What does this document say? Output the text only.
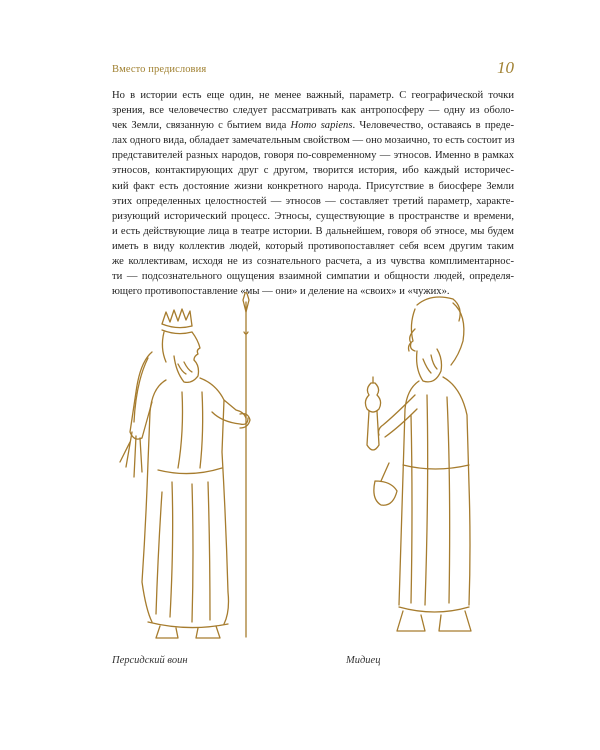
Вместо предисловия	10
Но в истории есть еще один, не менее важный, параметр. С географической точки
зрения, все человечество следует рассматривать как антропосферу — одну из оболо-
чек Земли, связанную с бытием вида Homo sapiens. Человечество, оставаясь в преде-
лах одного вида, обладает замечательным свойством — оно мозаично, то есть состоит из
представителей разных народов, говоря по-современному — этносов. Именно в рамках
этносов, контактирующих друг с другом, творится история, ибо каждый историчес-
кий факт есть достояние жизни конкретного народа. Присутствие в биосфере Земли
этих определенных целостностей — этносов — составляет третий параметр, характе-
ризующий исторический процесс. Этносы, существующие в пространстве и времени,
и есть действующие лица в театре истории. В дальнейшем, говоря об этносе, мы будем
иметь в виду коллектив людей, который противопоставляет себя всем другим таким
же коллективам, исходя не из сознательного расчета, а из чувства комплиментарнос-
ти — подсознательного ощущения взаимной симпатии и общности людей, определя-
ющего противопоставление «мы — они» и деление на «своих» и «чужих».
Персидский воин	Мидиец
